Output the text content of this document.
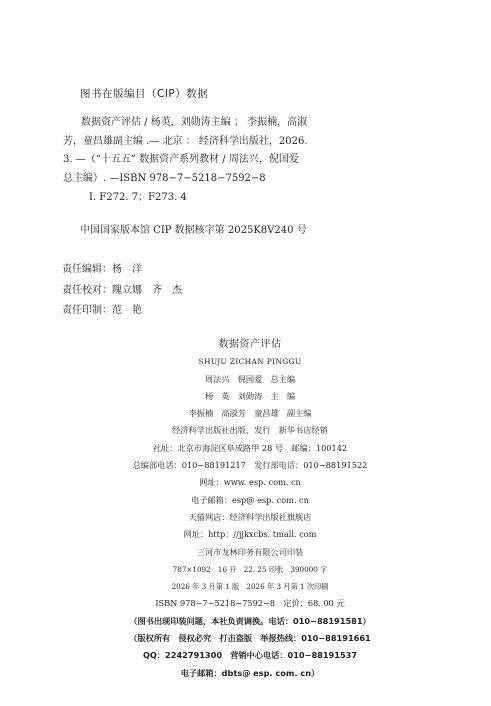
图书在版编目（CIP）数据
数据资产评估 / 杨英，刘勋涛主编 ； 李振楠，高淑
芳，童昌雄副主编 .— 北京 ： 经济科学出版社，2026.
3. —（“十五五” 数据资产系列教材 / 周法兴，倪国爱
总主编）. —ISBN 978−7−5218−7592−8
Ⅰ. F272. 7；F273. 4
中国国家版本馆 CIP 数据核字第 2025K8V240 号
责任编辑：杨　洋
责任校对：隗立娜　齐　杰
责任印制：范　艳
数据资产评估
SHUJU ZICHAN PINGGU
周法兴　倪国爱　总主编
杨　英　刘勋涛　主　编
李振楠　高淑芳　童昌雄　副主编
经济科学出版社出版、发行　新华书店经销
社址：北京市海淀区阜成路甲 28 号　邮编：100142
总编部电话：010−88191217　发行部电话：010−88191522
网址：www. esp. com. cn
电子邮箱：esp@ esp. com. cn
天猫网店：经济科学出版社旗舰店
网址：http：//jjkxcbs. tmall. com
三河市龙林印务有限公司印装
787×1092　16 开　22. 25 印张　390000 字
2026 年 3 月第 1 版　2026 年 3 月第 1 次印刷
ISBN 978−7−5218−7592−8　定价：68. 00 元
（图书出现印装问题，本社负责调换。电话：010−88191581）
（版权所有　侵权必究　打击盗版　举报热线：010−88191661
QQ：2242791300　营销中心电话：010−88191537
电子邮箱：dbts@ esp. com. cn）
